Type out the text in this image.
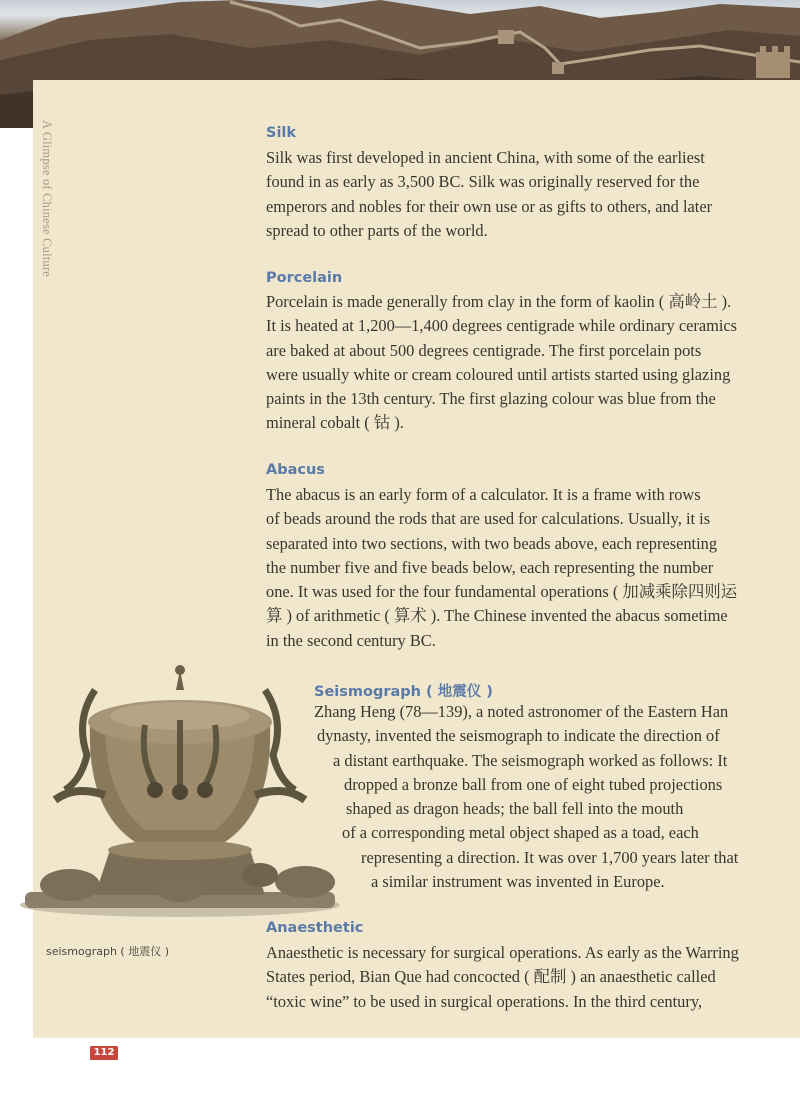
A Glimpse of Chinese Culture	Silk
Silk was first developed in ancient China, with some of the earliest
found in as early as 3,500 BC. Silk was originally reserved for the
emperors and nobles for their own use or as gifts to others, and later
spread to other parts of the world.
Porcelain
Porcelain is made generally from clay in the form of kaolin ( 高岭土 ).
It is heated at 1,200—1,400 degrees centigrade while ordinary ceramics
are baked at about 500 degrees centigrade. The first porcelain pots
were usually white or cream coloured until artists started using glazing
paints in the 13th century. The first glazing colour was blue from the
mineral cobalt ( 钴 ).
Abacus
The abacus is an early form of a calculator. It is a frame with rows
of beads around the rods that are used for calculations. Usually, it is
separated into two sections, with two beads above, each representing
the number five and five beads below, each representing the number
one. It was used for the four fundamental operations ( 加减乘除四则运
算 ) of arithmetic ( 算术 ). The Chinese invented the abacus sometime
in the second century BC.
Seismograph ( 地震仪 )
Zhang Heng (78—139), a noted astronomer of the Eastern Han
dynasty, invented the seismograph to indicate the direction of
a distant earthquake. The seismograph worked as follows: It
dropped a bronze ball from one of eight tubed projections
shaped as dragon heads; the ball fell into the mouth
of a corresponding metal object shaped as a toad, each
representing a direction. It was over 1,700 years later that
a similar instrument was invented in Europe.

seismograph ( 地震仪 )

Anaesthetic
Anaesthetic is necessary for surgical operations. As early as the Warring
States period, Bian Que had concocted ( 配制 ) an anaesthetic called
“toxic wine” to be used in surgical operations. In the third century,
112
